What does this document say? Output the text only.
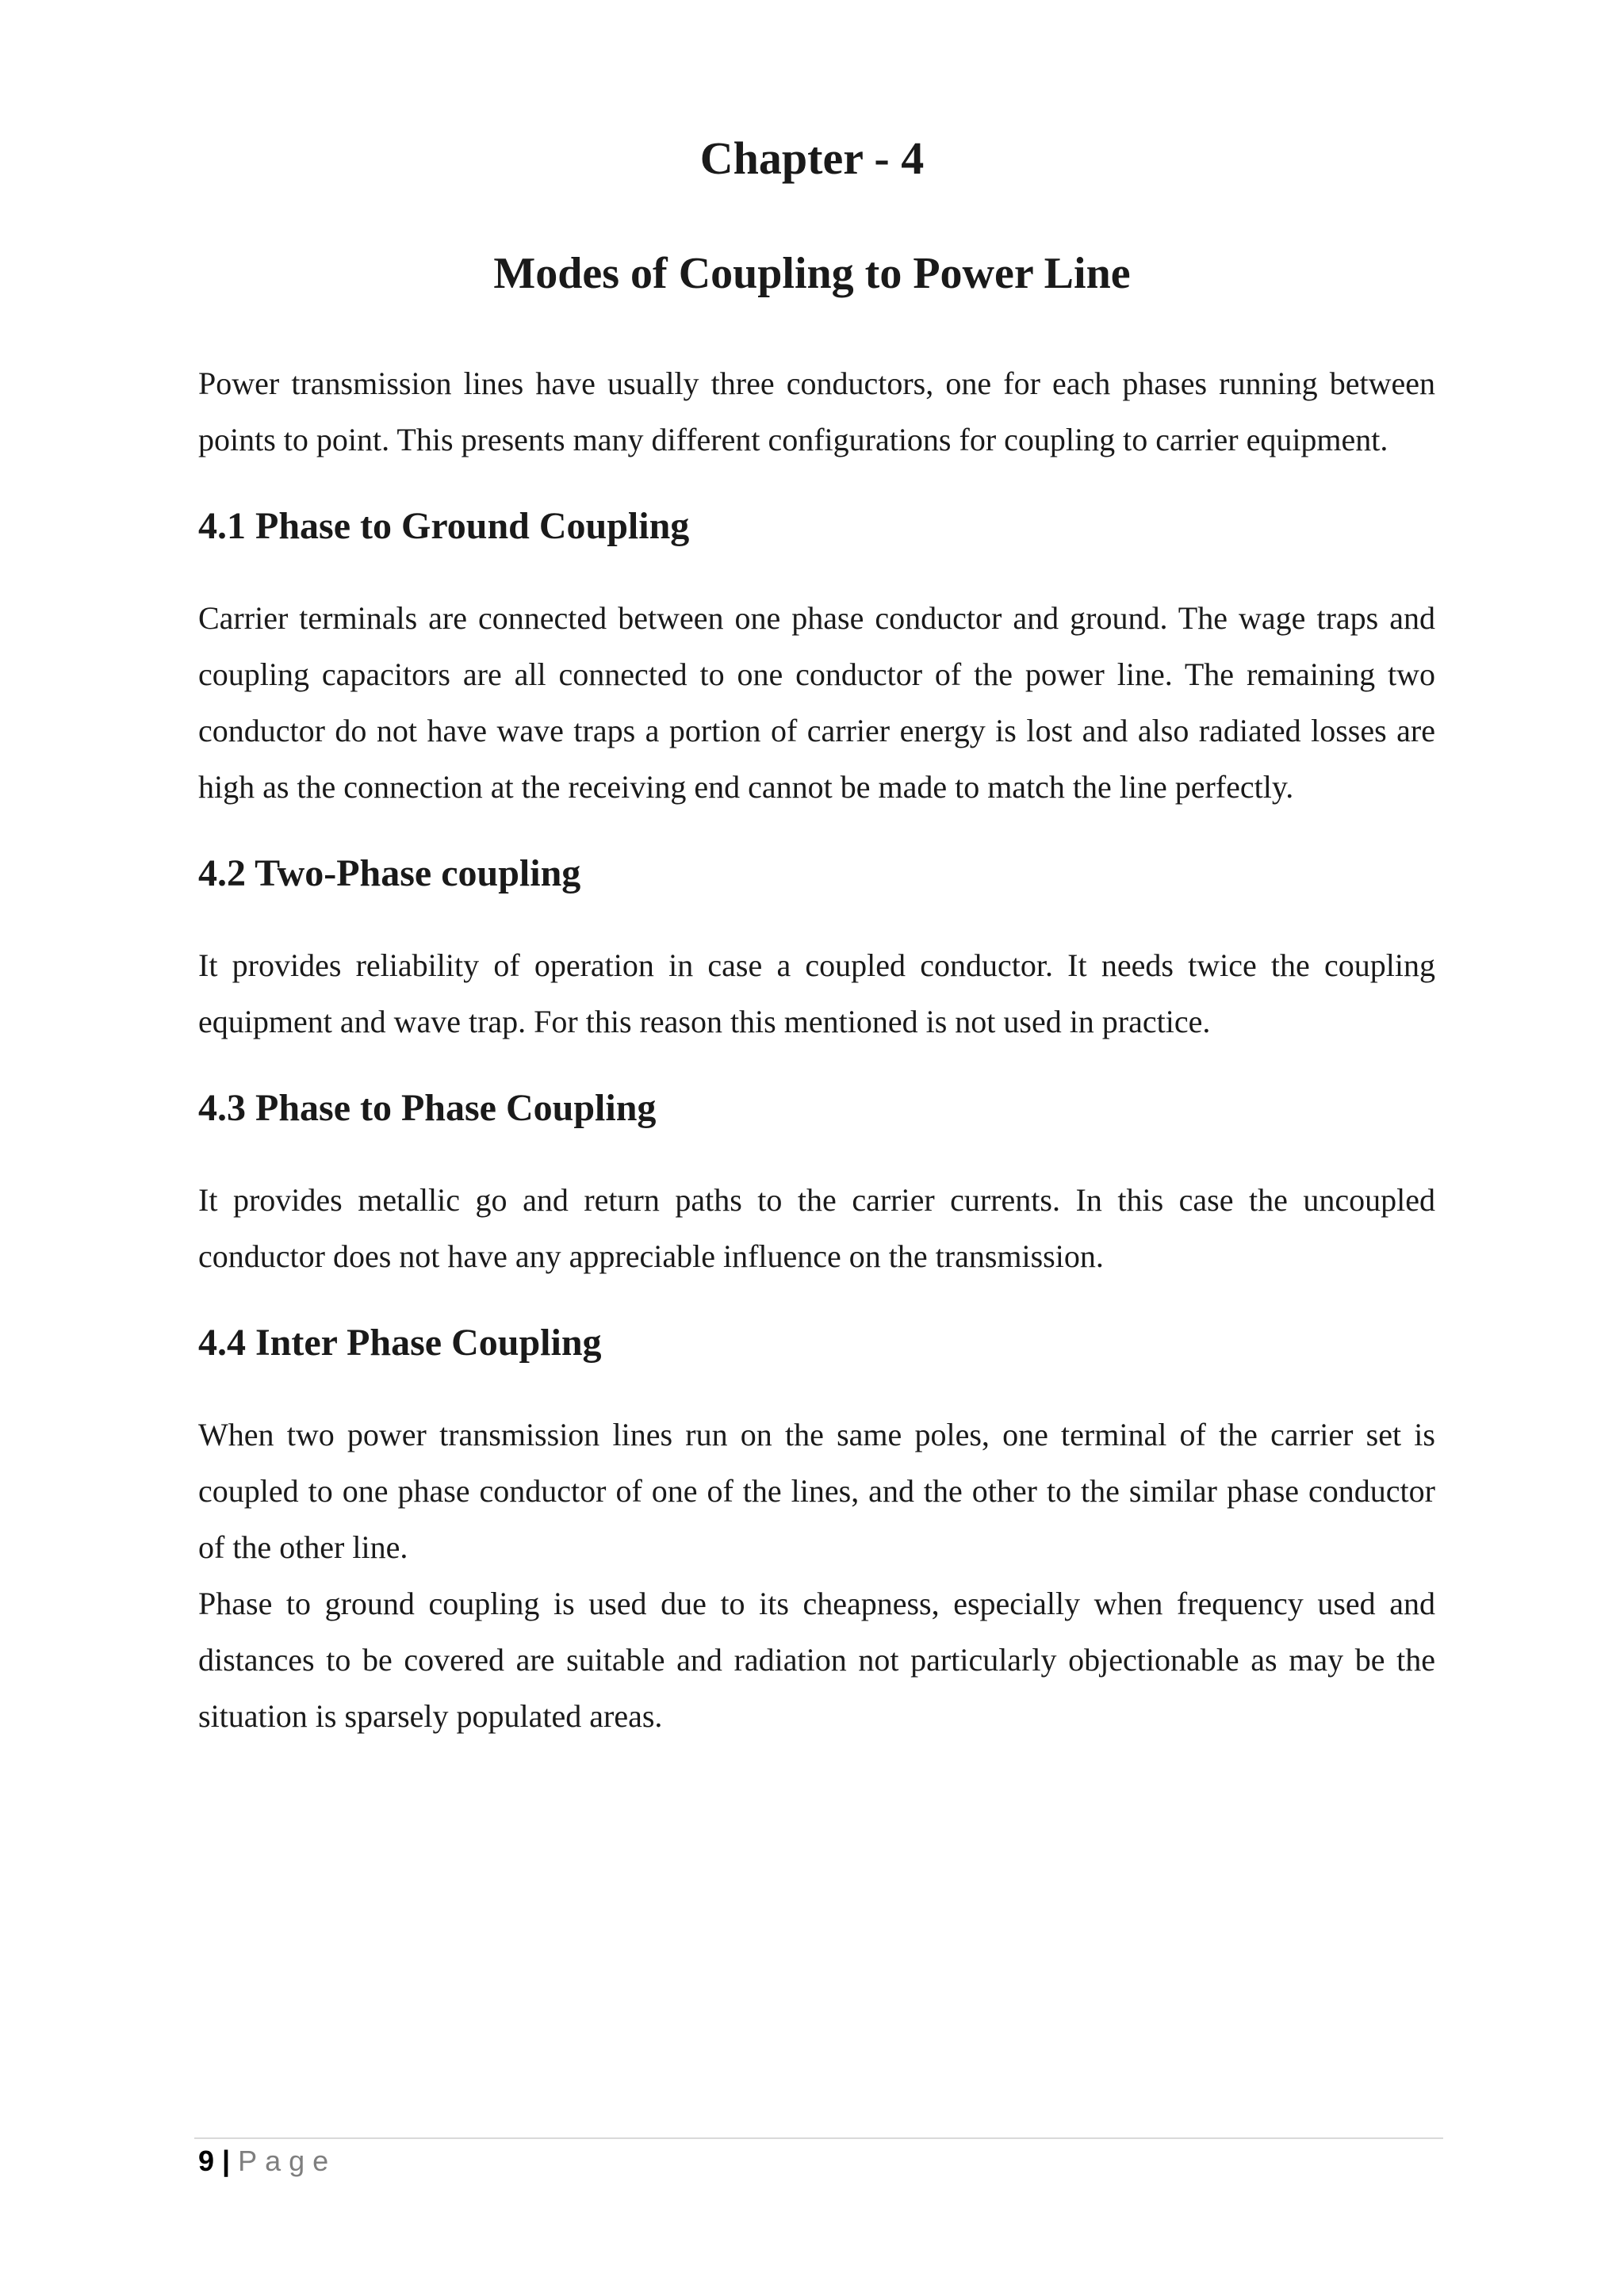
Chapter - 4
Modes of Coupling to Power Line

Power transmission lines have usually three conductors, one for each phases running between points to point. This presents many different configurations for coupling to carrier equipment.

4.1 Phase to Ground Coupling

Carrier terminals are connected between one phase conductor and ground. The wage traps and coupling capacitors are all connected to one conductor of the power line. The remaining two conductor do not have wave traps a portion of carrier energy is lost and also radiated losses are high as the connection at the receiving end cannot be made to match the line perfectly.

4.2 Two-Phase coupling

It provides reliability of operation in case a coupled conductor. It needs twice the coupling equipment and wave trap. For this reason this mentioned is not used in practice.

4.3 Phase to Phase Coupling

It provides metallic go and return paths to the carrier currents. In this case the uncoupled conductor does not have any appreciable influence on the transmission.

4.4 Inter Phase Coupling

When two power transmission lines run on the same poles, one terminal of the carrier set is coupled to one phase conductor of one of the lines, and the other to the similar phase conductor of the other line.

Phase to ground coupling is used due to its cheapness, especially when frequency used and distances to be covered are suitable and radiation not particularly objectionable as may be the situation is sparsely populated areas.

9 | Page
